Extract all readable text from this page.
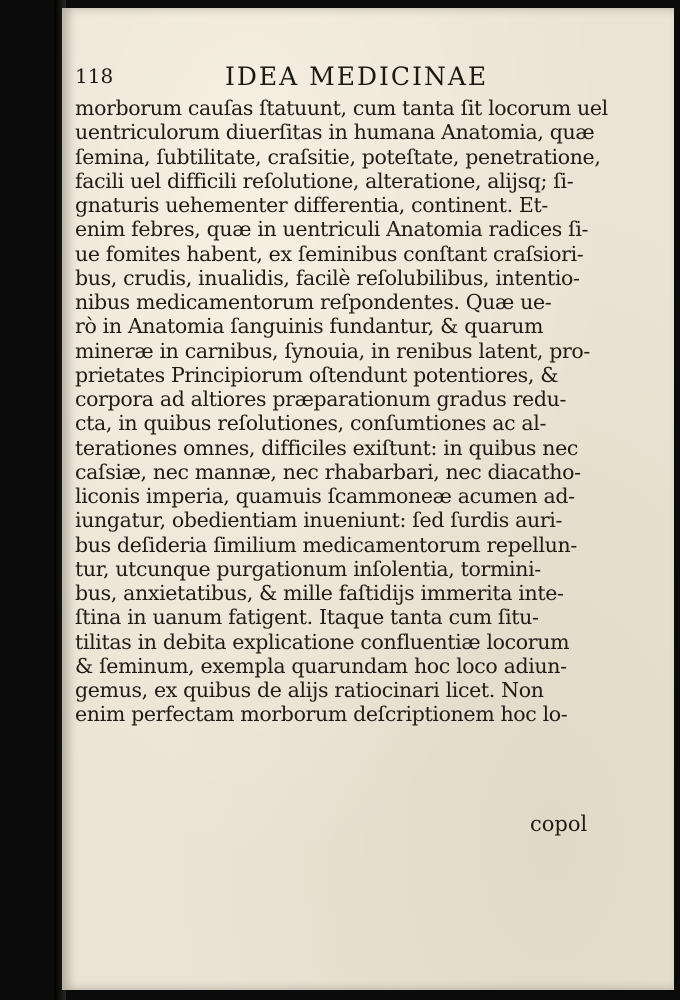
118	IDEA MEDICINAE
morborum cauſas ſtatuunt, cum tanta ſit locorum uel
uentriculorum diuerſitas in humana Anatomia, quæ
ſemina, ſubtilitate, craſsitie, poteſtate, penetratione,
facili uel difficili reſolutione, alteratione, alijsq; ſi-
gnaturis uehementer differentia, continent. Et-
enim febres, quæ in uentriculi Anatomia radices ſi-
ue fomites habent, ex ſeminibus conſtant craſsiori-
bus, crudis, inualidis, facilè reſolubilibus, intentio-
nibus medicamentorum reſpondentes. Quæ ue-
rò in Anatomia ſanguinis fundantur, & quarum
mineræ in carnibus, ſynouia, in renibus latent, pro-
prietates Principiorum oſtendunt potentiores, &
corpora ad altiores præparationum gradus redu-
cta, in quibus reſolutiones, conſumtiones ac al-
terationes omnes, difficiles exiſtunt: in quibus nec
caſsiæ, nec mannæ, nec rhabarbari, nec diacatho-
liconis imperia, quamuis ſcammoneæ acumen ad-
iungatur, obedientiam inueniunt: ſed ſurdis auri-
bus deſideria ſimilium medicamentorum repellun-
tur, utcunque purgationum inſolentia, tormini-
bus, anxietatibus, & mille faſtidijs immerita inte-
ſtina in uanum fatigent. Itaque tanta cum ſitu-
tilitas in debita explicatione confluentiæ locorum
& ſeminum, exempla quarundam hoc loco adiun-
gemus, ex quibus de alijs ratiocinari licet. Non
enim perfectam morborum deſcriptionem hoc lo-
copol
